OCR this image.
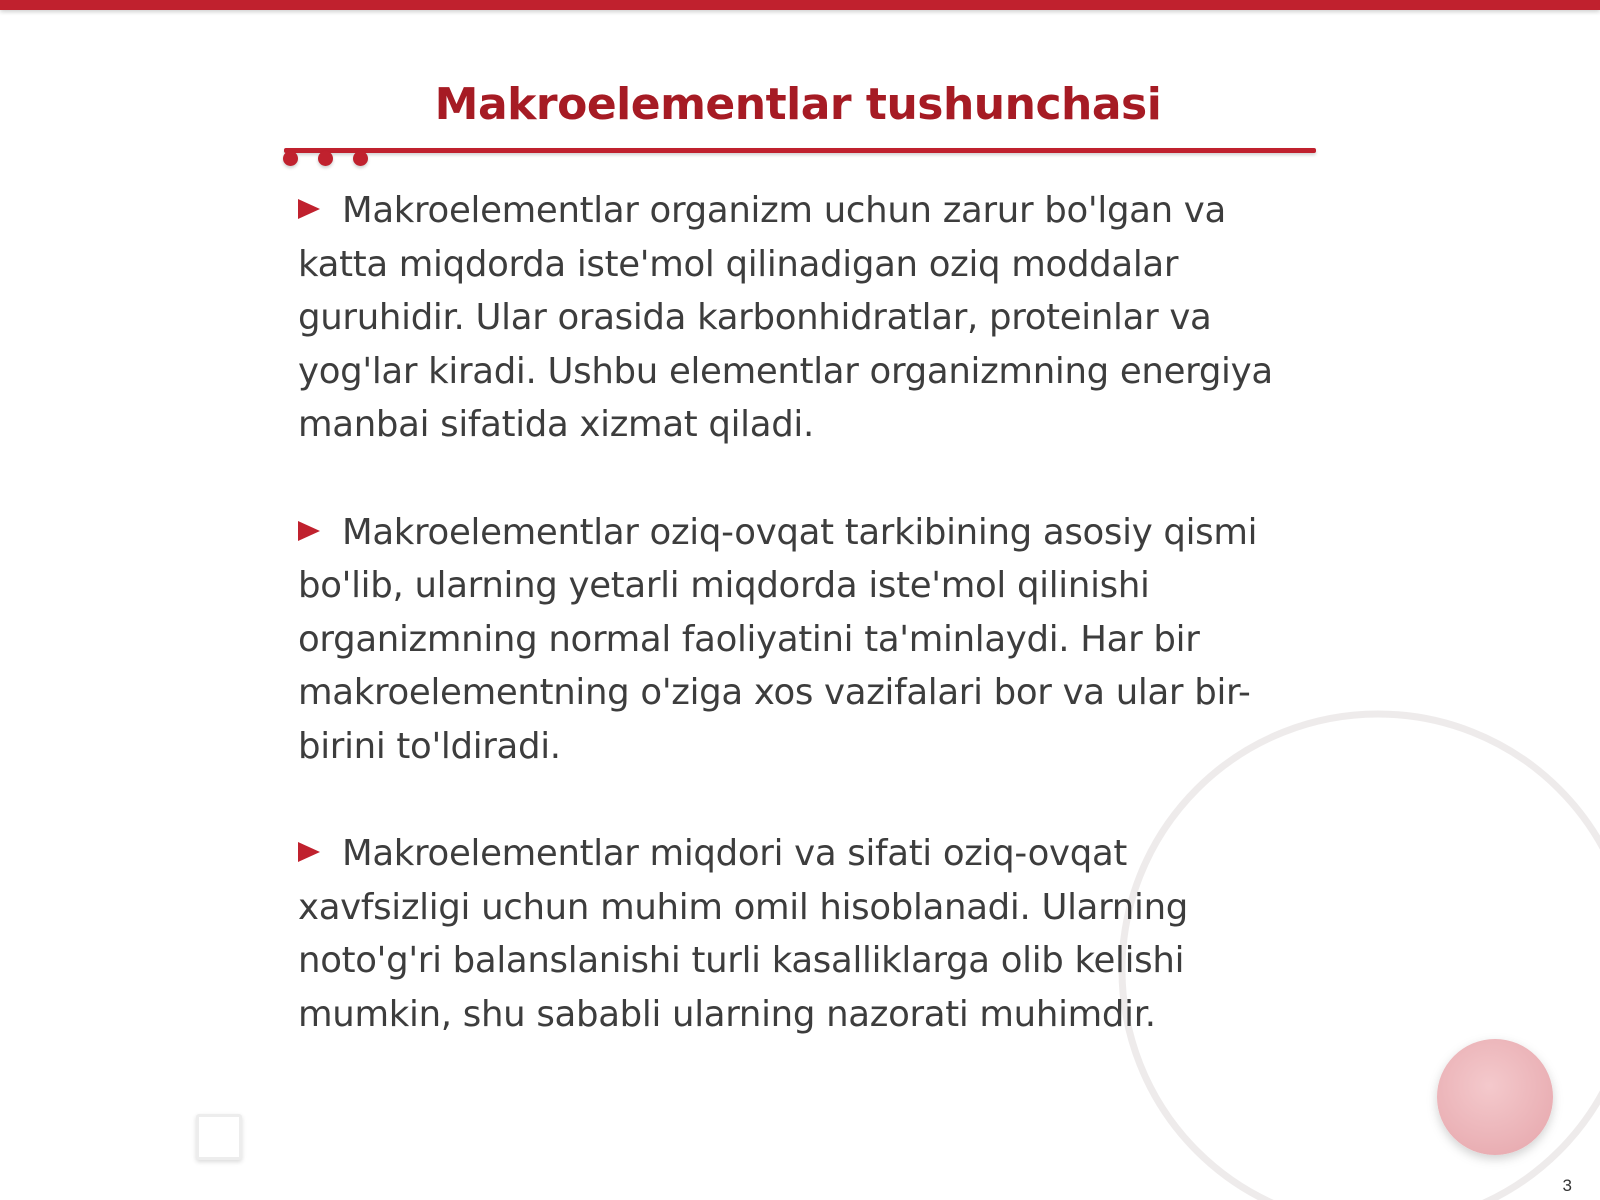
Makroelementlar tushunchasi

Makroelementlar organizm uchun zarur bo'lgan va katta miqdorda iste'mol qilinadigan oziq moddalar guruhidir. Ular orasida karbonhidratlar, proteinlar va yog'lar kiradi. Ushbu elementlar organizmning energiya manbai sifatida xizmat qiladi.

Makroelementlar oziq-ovqat tarkibining asosiy qismi bo'lib, ularning yetarli miqdorda iste'mol qilinishi organizmning normal faoliyatini ta'minlaydi. Har bir makroelementning o'ziga xos vazifalari bor va ular bir-birini to'ldiradi.

Makroelementlar miqdori va sifati oziq-ovqat xavfsizligi uchun muhim omil hisoblanadi. Ularning noto'g'ri balanslanishi turli kasalliklarga olib kelishi mumkin, shu sababli ularning nazorati muhimdir.

3
